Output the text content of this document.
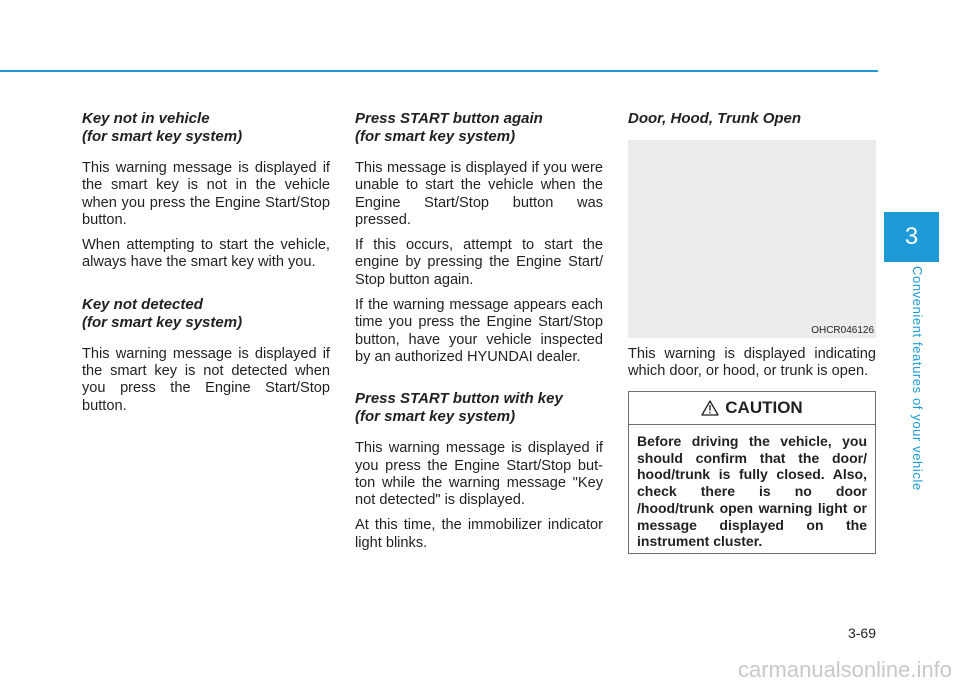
Key not in vehicle
(for smart key system)

This warning message is displayed if the smart key is not in the vehicle when you press the Engine Start/Stop button.

When attempting to start the vehicle, always have the smart key with you.

Key not detected
(for smart key system)

This warning message is displayed if the smart key is not detected when you press the Engine Start/Stop button.

Press START button again
(for smart key system)

This message is displayed if you were unable to start the vehicle when the Engine Start/Stop button was pressed.

If this occurs, attempt to start the engine by pressing the Engine Start/ Stop button again.

If the warning message appears each time you press the Engine Start/Stop button, have your vehicle inspected by an authorized HYUNDAI dealer.

Press START button with key
(for smart key system)

This warning message is displayed if you press the Engine Start/Stop but- ton while the warning message "Key not detected" is displayed.

At this time, the immobilizer indicator light blinks.

Door, Hood, Trunk Open
OHCR046126

This warning is displayed indicating which door, or hood, or trunk is open.

CAUTION
Before driving the vehicle, you should confirm that the door/ hood/trunk is fully closed. Also, check there is no door /hood/trunk open warning light or message displayed on the instrument cluster.
3
Convenient features of your vehicle
3-69
carmanualsonline.info
